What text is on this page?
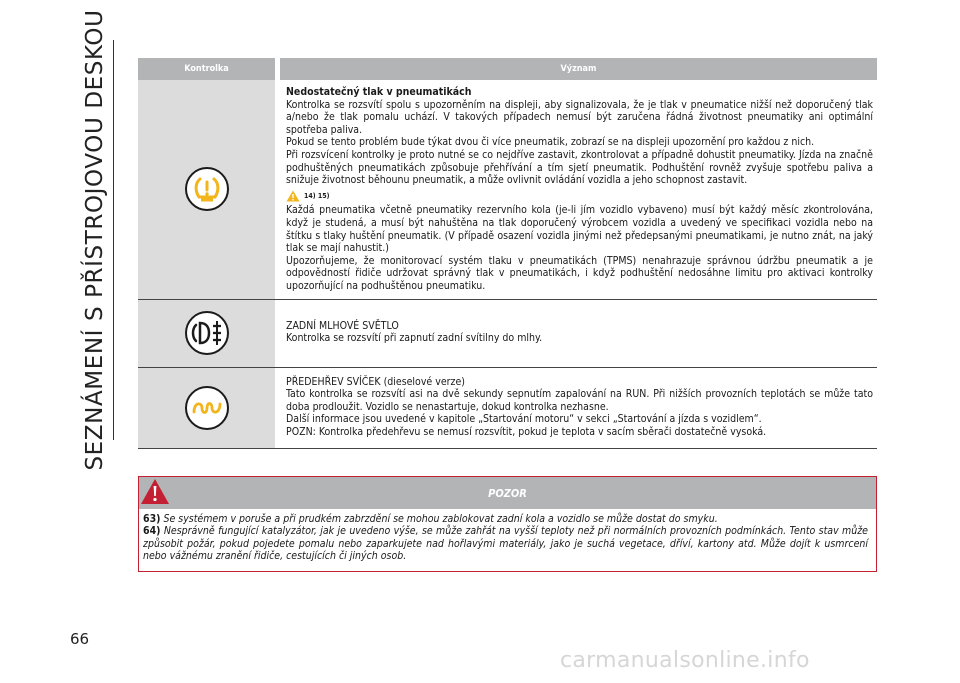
SEZNÁMENÍ S PŘÍSTROJOVOU DESKOU	Kontrolka	Význam

Nedostatečný tlak v pneumatikách

Kontrolka se rozsvítí spolu s upozorněním na displeji, aby signalizovala, že je tlak v pneumatice nižší než doporučený tlak a/nebo že tlak pomalu uchází. V takových případech nemusí být zaručena řádná životnost pneumatiky ani optimální spotřeba paliva.

Pokud se tento problém bude týkat dvou či více pneumatik, zobrazí se na displeji upozornění pro každou z nich.

Při rozsvícení kontrolky je proto nutné se co nejdříve zastavit, zkontrolovat a případně dohustit pneumatiky. Jízda na značně podhuštěných pneumatikách způsobuje přehřívání a tím sjetí pneumatik. Podhuštění rovněž zvyšuje spotřebu paliva a snižuje životnost běhounu pneumatik, a může ovlivnit ovládání vozidla a jeho schopnost zastavit.

14) 15)

Každá pneumatika včetně pneumatiky rezervního kola (je-li jím vozidlo vybaveno) musí být každý měsíc zkontrolována, když je studená, a musí být nahuštěna na tlak doporučený výrobcem vozidla a uvedený ve specifikaci vozidla nebo na štítku s tlaky huštění pneumatik. (V případě osazení vozidla jinými než předepsanými pneumatikami, je nutno znát, na jaký tlak se mají nahustit.)

Upozorňujeme, že monitorovací systém tlaku v pneumatikách (TPMS) nenahrazuje správnou údržbu pneumatik a je odpovědností řidiče udržovat správný tlak v pneumatikách, i když podhuštění nedosáhne limitu pro aktivaci kontrolky upozorňující na podhuštěnou pneumatiku.

ZADNÍ MLHOVÉ SVĚTLO

Kontrolka se rozsvítí při zapnutí zadní svítilny do mlhy.

PŘEDEHŘEV SVÍČEK (dieselové verze)

Tato kontrolka se rozsvítí asi na dvě sekundy sepnutím zapalování na RUN. Při nižších provozních teplotách se může tato doba prodloužit. Vozidlo se nenastartuje, dokud kontrolka nezhasne.

Další informace jsou uvedené v kapitole „Startování motoru“ v sekci „Startování a jízda s vozidlem“.

POZN: Kontrolka předehřevu se nemusí rozsvítit, pokud je teplota v sacím sběrači dostatečně vysoká.

POZOR

63) Se systémem v poruše a při prudkém zabrzdění se mohou zablokovat zadní kola a vozidlo se může dostat do smyku.

64) Nesprávně fungující katalyzátor, jak je uvedeno výše, se může zahřát na vyšší teploty než při normálních provozních podmínkách. Tento stav může způsobit požár, pokud pojedete pomalu nebo zaparkujete nad hořlavými materiály, jako je suchá vegetace, dříví, kartony atd. Může dojít k usmrcení nebo vážnému zranění řidiče, cestujících či jiných osob.

66
carmanualsonline.info
